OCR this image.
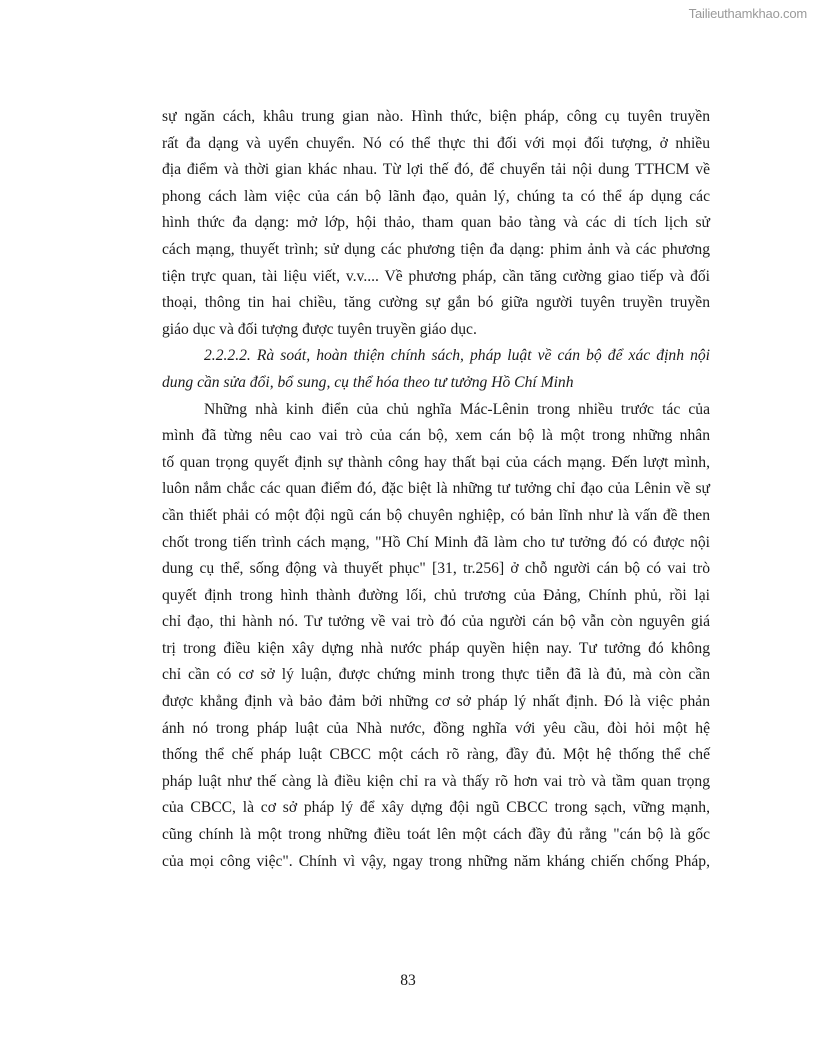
Tailieuthamkhao.com
sự ngăn cách, khâu trung gian nào. Hình thức, biện pháp, công cụ tuyên truyền
rất đa dạng và uyển chuyển. Nó có thể thực thi đối với mọi đối tượng, ở nhiều
địa điểm và thời gian khác nhau. Từ lợi thế đó, để chuyển tải nội dung TTHCM về
phong cách làm việc của cán bộ lãnh đạo, quản lý, chúng ta có thể áp dụng các
hình thức đa dạng: mở lớp, hội thảo, tham quan bảo tàng và các di tích lịch sử
cách mạng, thuyết trình; sử dụng các phương tiện đa dạng: phim ảnh và các phương
tiện trực quan, tài liệu viết, v.v.... Về phương pháp, cần tăng cường giao tiếp và đối
thoại, thông tin hai chiều, tăng cường sự gắn bó giữa người tuyên truyền truyền
giáo dục và đối tượng được tuyên truyền giáo dục.
2.2.2.2. Rà soát, hoàn thiện chính sách, pháp luật về cán bộ để xác định nội
dung cần sửa đổi, bổ sung, cụ thể hóa theo tư tưởng Hồ Chí Minh
Những nhà kinh điển của chủ nghĩa Mác-Lênin trong nhiều trước tác của
mình đã từng nêu cao vai trò của cán bộ, xem cán bộ là một trong những nhân
tố quan trọng quyết định sự thành công hay thất bại của cách mạng. Đến lượt mình,
luôn nắm chắc các quan điểm đó, đặc biệt là những tư tưởng chỉ đạo của Lênin về sự
cần thiết phải có một đội ngũ cán bộ chuyên nghiệp, có bản lĩnh như là vấn đề then
chốt trong tiến trình cách mạng, "Hồ Chí Minh đã làm cho tư tưởng đó có được nội
dung cụ thể, sống động và thuyết phục" [31, tr.256] ở chỗ người cán bộ có vai trò
quyết định trong hình thành đường lối, chủ trương của Đảng, Chính phủ, rồi lại
chỉ đạo, thi hành nó. Tư tưởng về vai trò đó của người cán bộ vẫn còn nguyên giá
trị trong điều kiện xây dựng nhà nước pháp quyền hiện nay. Tư tưởng đó không
chỉ cần có cơ sở lý luận, được chứng minh trong thực tiễn đã là đủ, mà còn cần
được khẳng định và bảo đảm bởi những cơ sở pháp lý nhất định. Đó là việc phản
ánh nó trong pháp luật của Nhà nước, đồng nghĩa với yêu cầu, đòi hỏi một hệ
thống thể chế pháp luật CBCC một cách rõ ràng, đầy đủ. Một hệ thống thể chế
pháp luật như thế càng là điều kiện chỉ ra và thấy rõ hơn vai trò và tầm quan trọng
của CBCC, là cơ sở pháp lý để xây dựng đội ngũ CBCC trong sạch, vững mạnh,
cũng chính là một trong những điều toát lên một cách đầy đủ rằng "cán bộ là gốc
của mọi công việc". Chính vì vậy, ngay trong những năm kháng chiến chống Pháp,
83
